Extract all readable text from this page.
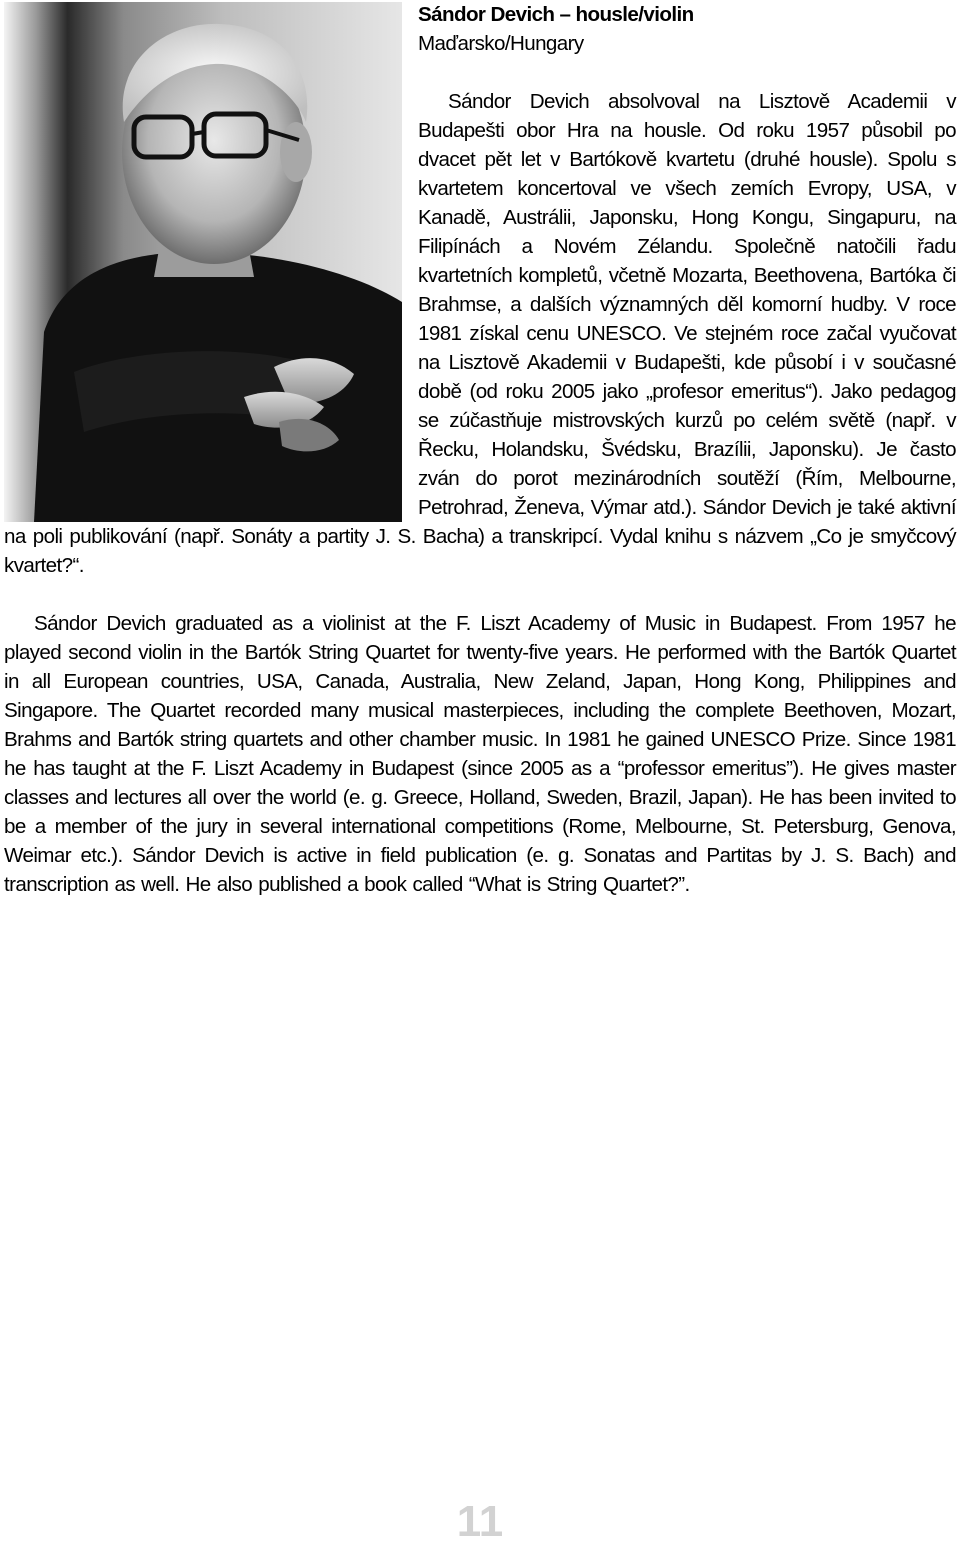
Sándor Devich – housle/violin

Maďarsko/Hungary

Sándor Devich absolvoval na Lisztově Academii v Budapešti obor Hra na housle. Od roku 1957 působil po dvacet pět let v Bartókově kvartetu (druhé housle). Spolu s kvartetem koncertoval ve všech zemích Evropy, USA, v Kanadě, Austrálii, Japonsku, Hong Kongu, Singapuru, na Filipínách a Novém Zélandu. Společně natočili řadu kvartetních kompletů, včetně Mozarta, Beethovena, Bartóka či Brahmse, a dalších významných děl komorní hudby. V roce 1981 získal cenu UNESCO. Ve stejném roce začal vyučovat na Lisztově Akademii v Budapešti, kde působí i v současné době (od roku 2005 jako „profesor emeritus“). Jako pedagog se zúčastňuje mistrovských kurzů po celém světě (např. v Řecku, Holandsku, Švédsku, Brazílii, Japonsku). Je často zván do porot mezinárodních soutěží (Řím, Melbourne, Petrohrad, Ženeva, Výmar atd.). Sándor Devich je také aktivní na poli publikování (např. Sonáty a partity J. S. Bacha) a transkripcí. Vydal knihu s názvem „Co je smyčcový kvartet?“.

Sándor Devich graduated as a violinist at the F. Liszt Academy of Music in Budapest. From 1957 he played second violin in the Bartók String Quartet for twenty-five years. He performed with the Bartók Quartet in all European countries, USA, Canada, Australia, New Zeland, Japan, Hong Kong, Philippines and Singapore. The Quartet recorded many musical masterpieces, including the complete Beethoven, Mozart, Brahms and Bartók string quartets and other chamber music. In 1981 he gained UNESCO Prize. Since 1981 he has taught at the F. Liszt Academy in Budapest (since 2005 as a “professor emeritus”). He gives master classes and lectures all over the world (e. g. Greece, Holland, Sweden, Brazil, Japan). He has been invited to be a member of the jury in several international competitions (Rome, Melbourne, St. Petersburg, Genova, Weimar etc.). Sándor Devich is active in field publication (e. g. Sonatas and Partitas by J. S. Bach) and transcription as well. He also published a book called “What is String Quartet?”.

11
